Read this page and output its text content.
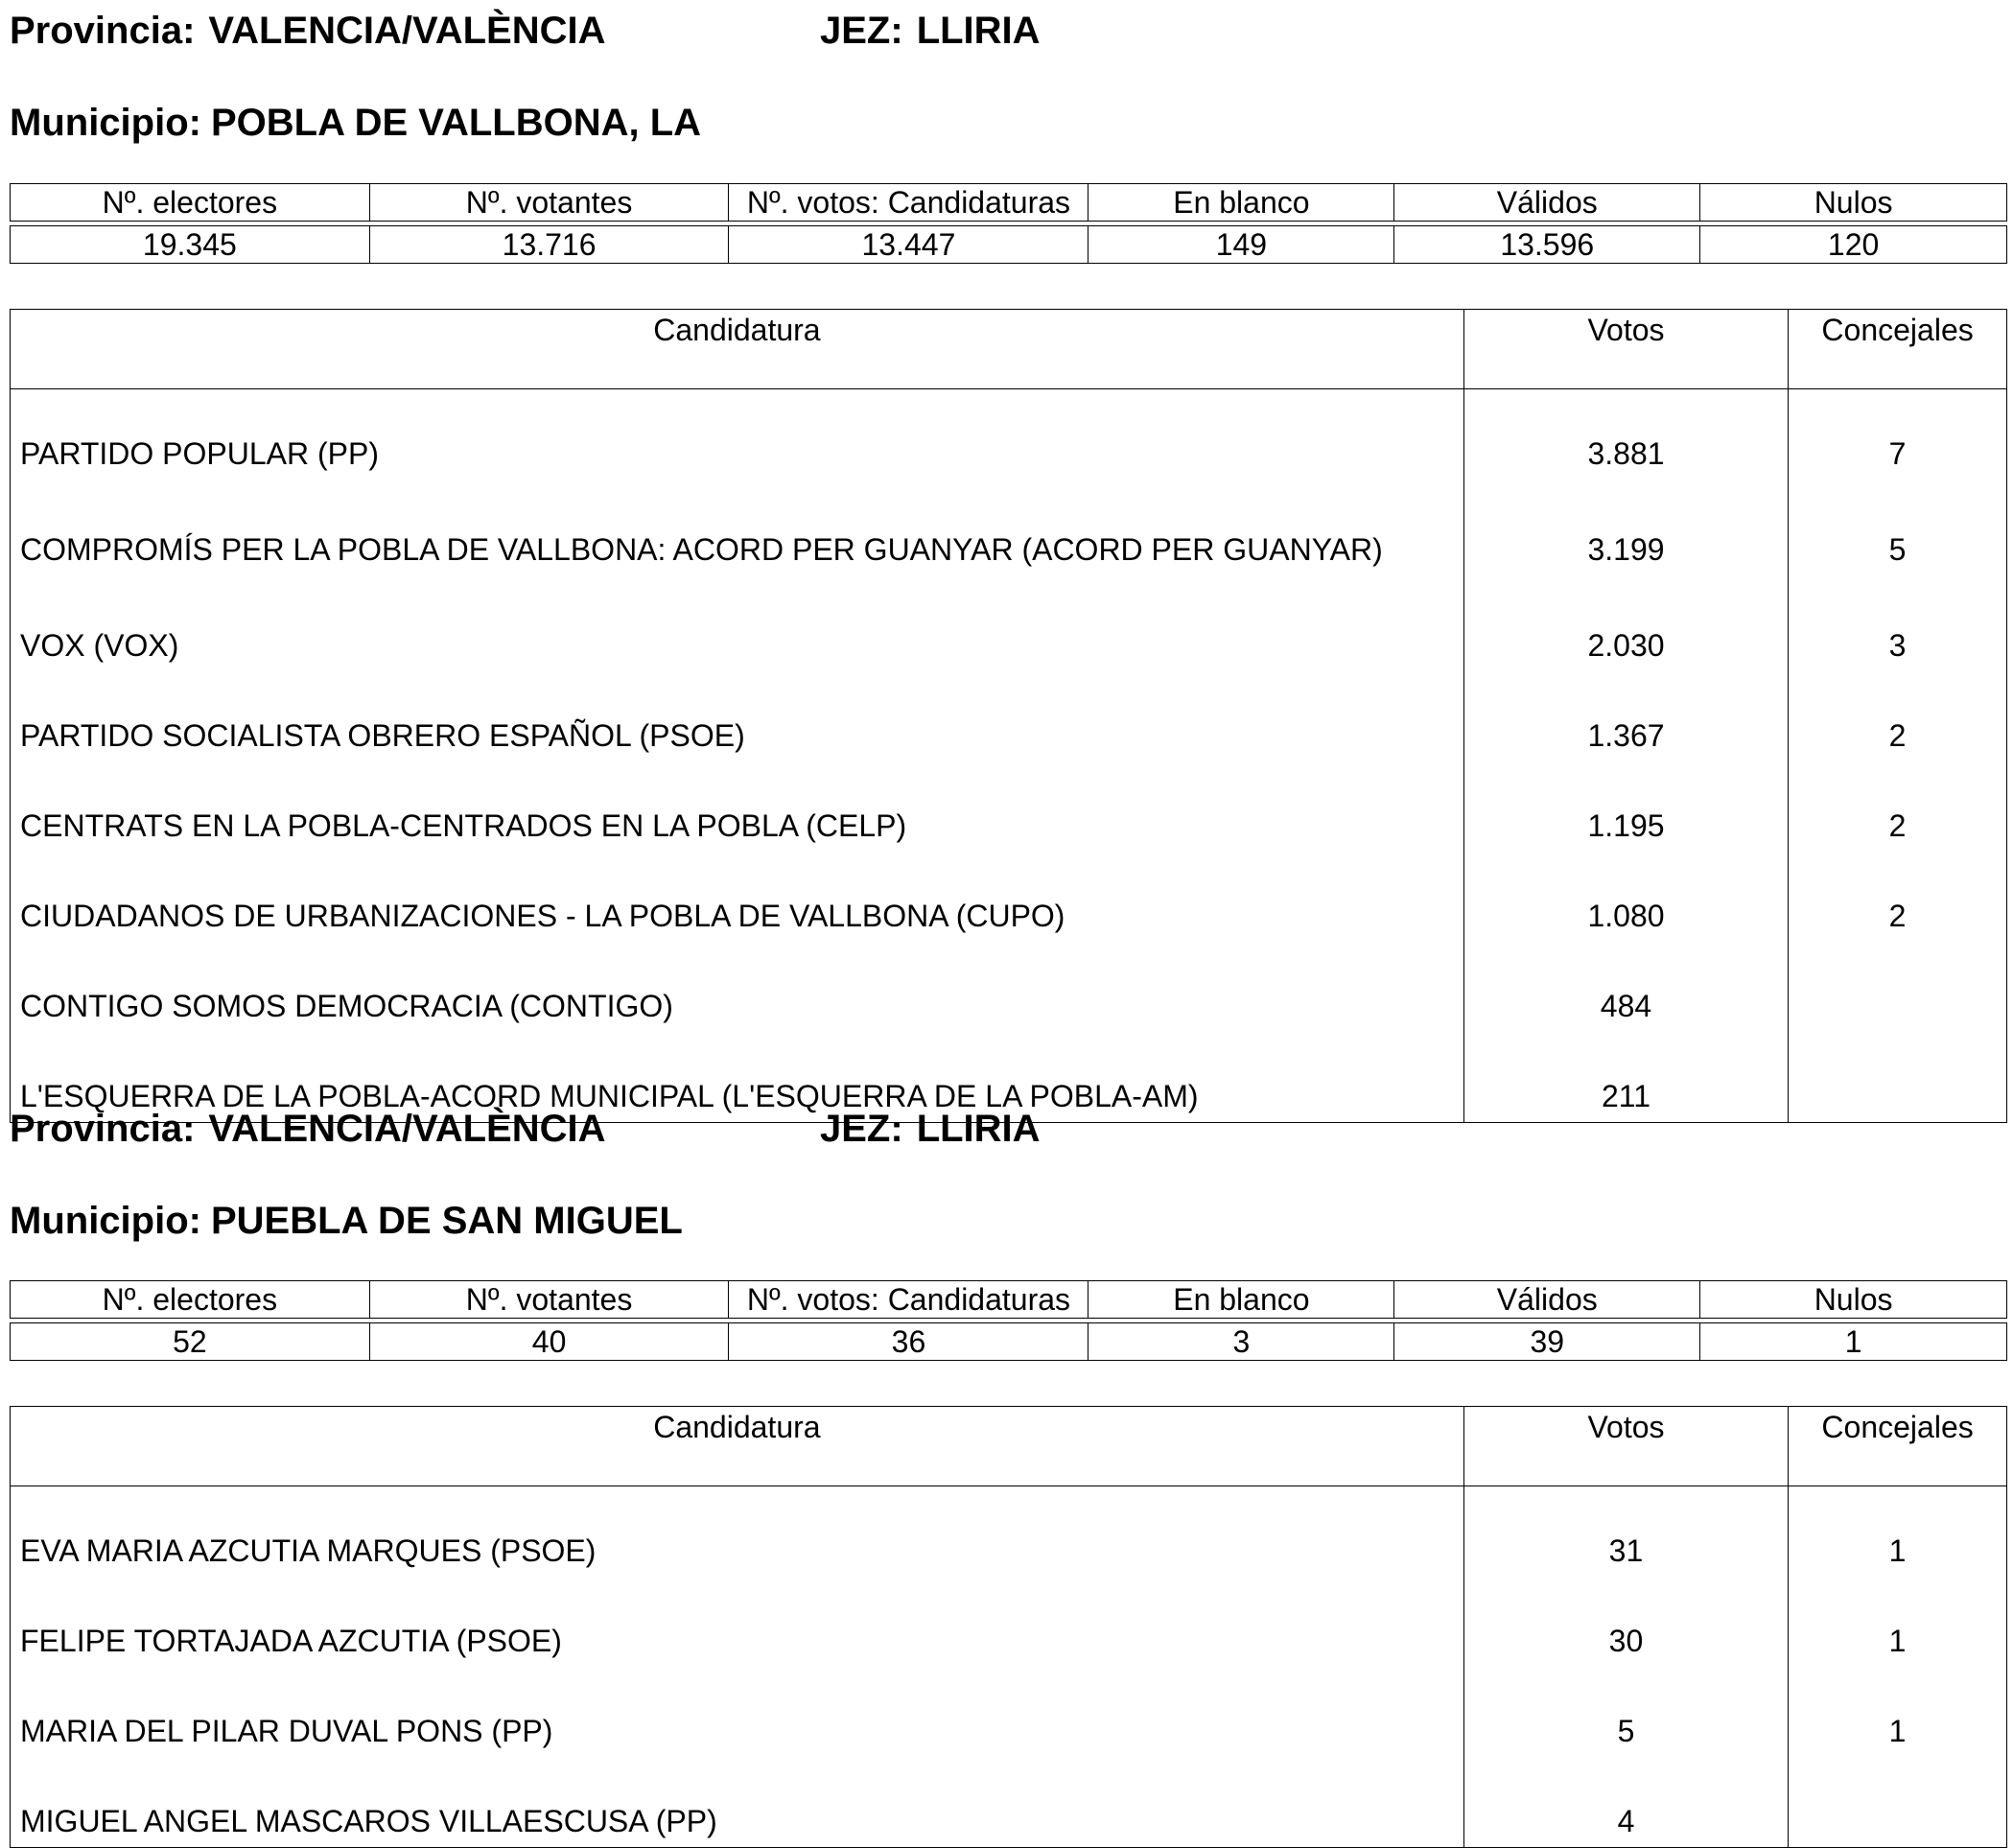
Provincia: VALENCIA/VALÈNCIA	JEZ: LLIRIA
Municipio: POBLA DE VALLBONA, LA
Nº. electores	Nº. votantes	Nº. votos: Candidaturas	En blanco	Válidos	Nulos

19.345	13.716	13.447	149	13.596	120
Candidatura	Votos	Concejales
PARTIDO POPULAR (PP)	3.881	7
COMPROMÍS PER LA POBLA DE VALLBONA: ACORD PER GUANYAR (ACORD PER GUANYAR)	3.199	5
VOX (VOX)	2.030	3
PARTIDO SOCIALISTA OBRERO ESPAÑOL (PSOE)	1.367	2
CENTRATS EN LA POBLA-CENTRADOS EN LA POBLA (CELP)	1.195	2
CIUDADANOS DE URBANIZACIONES - LA POBLA DE VALLBONA (CUPO)	1.080	2
CONTIGO SOMOS DEMOCRACIA (CONTIGO)	484	
L'ESQUERRA DE LA POBLA-ACORD MUNICIPAL (L'ESQUERRA DE LA POBLA-AM)	211	
Provincia: VALENCIA/VALÈNCIA	JEZ: LLIRIA
Municipio: PUEBLA DE SAN MIGUEL
Nº. electores	Nº. votantes	Nº. votos: Candidaturas	En blanco	Válidos	Nulos

52	40	36	3	39	1
Candidatura	Votos	Concejales
EVA MARIA AZCUTIA MARQUES (PSOE)	31	1
FELIPE TORTAJADA AZCUTIA (PSOE)	30	1
MARIA DEL PILAR DUVAL PONS (PP)	5	1
MIGUEL ANGEL MASCAROS VILLAESCUSA (PP)	4	
